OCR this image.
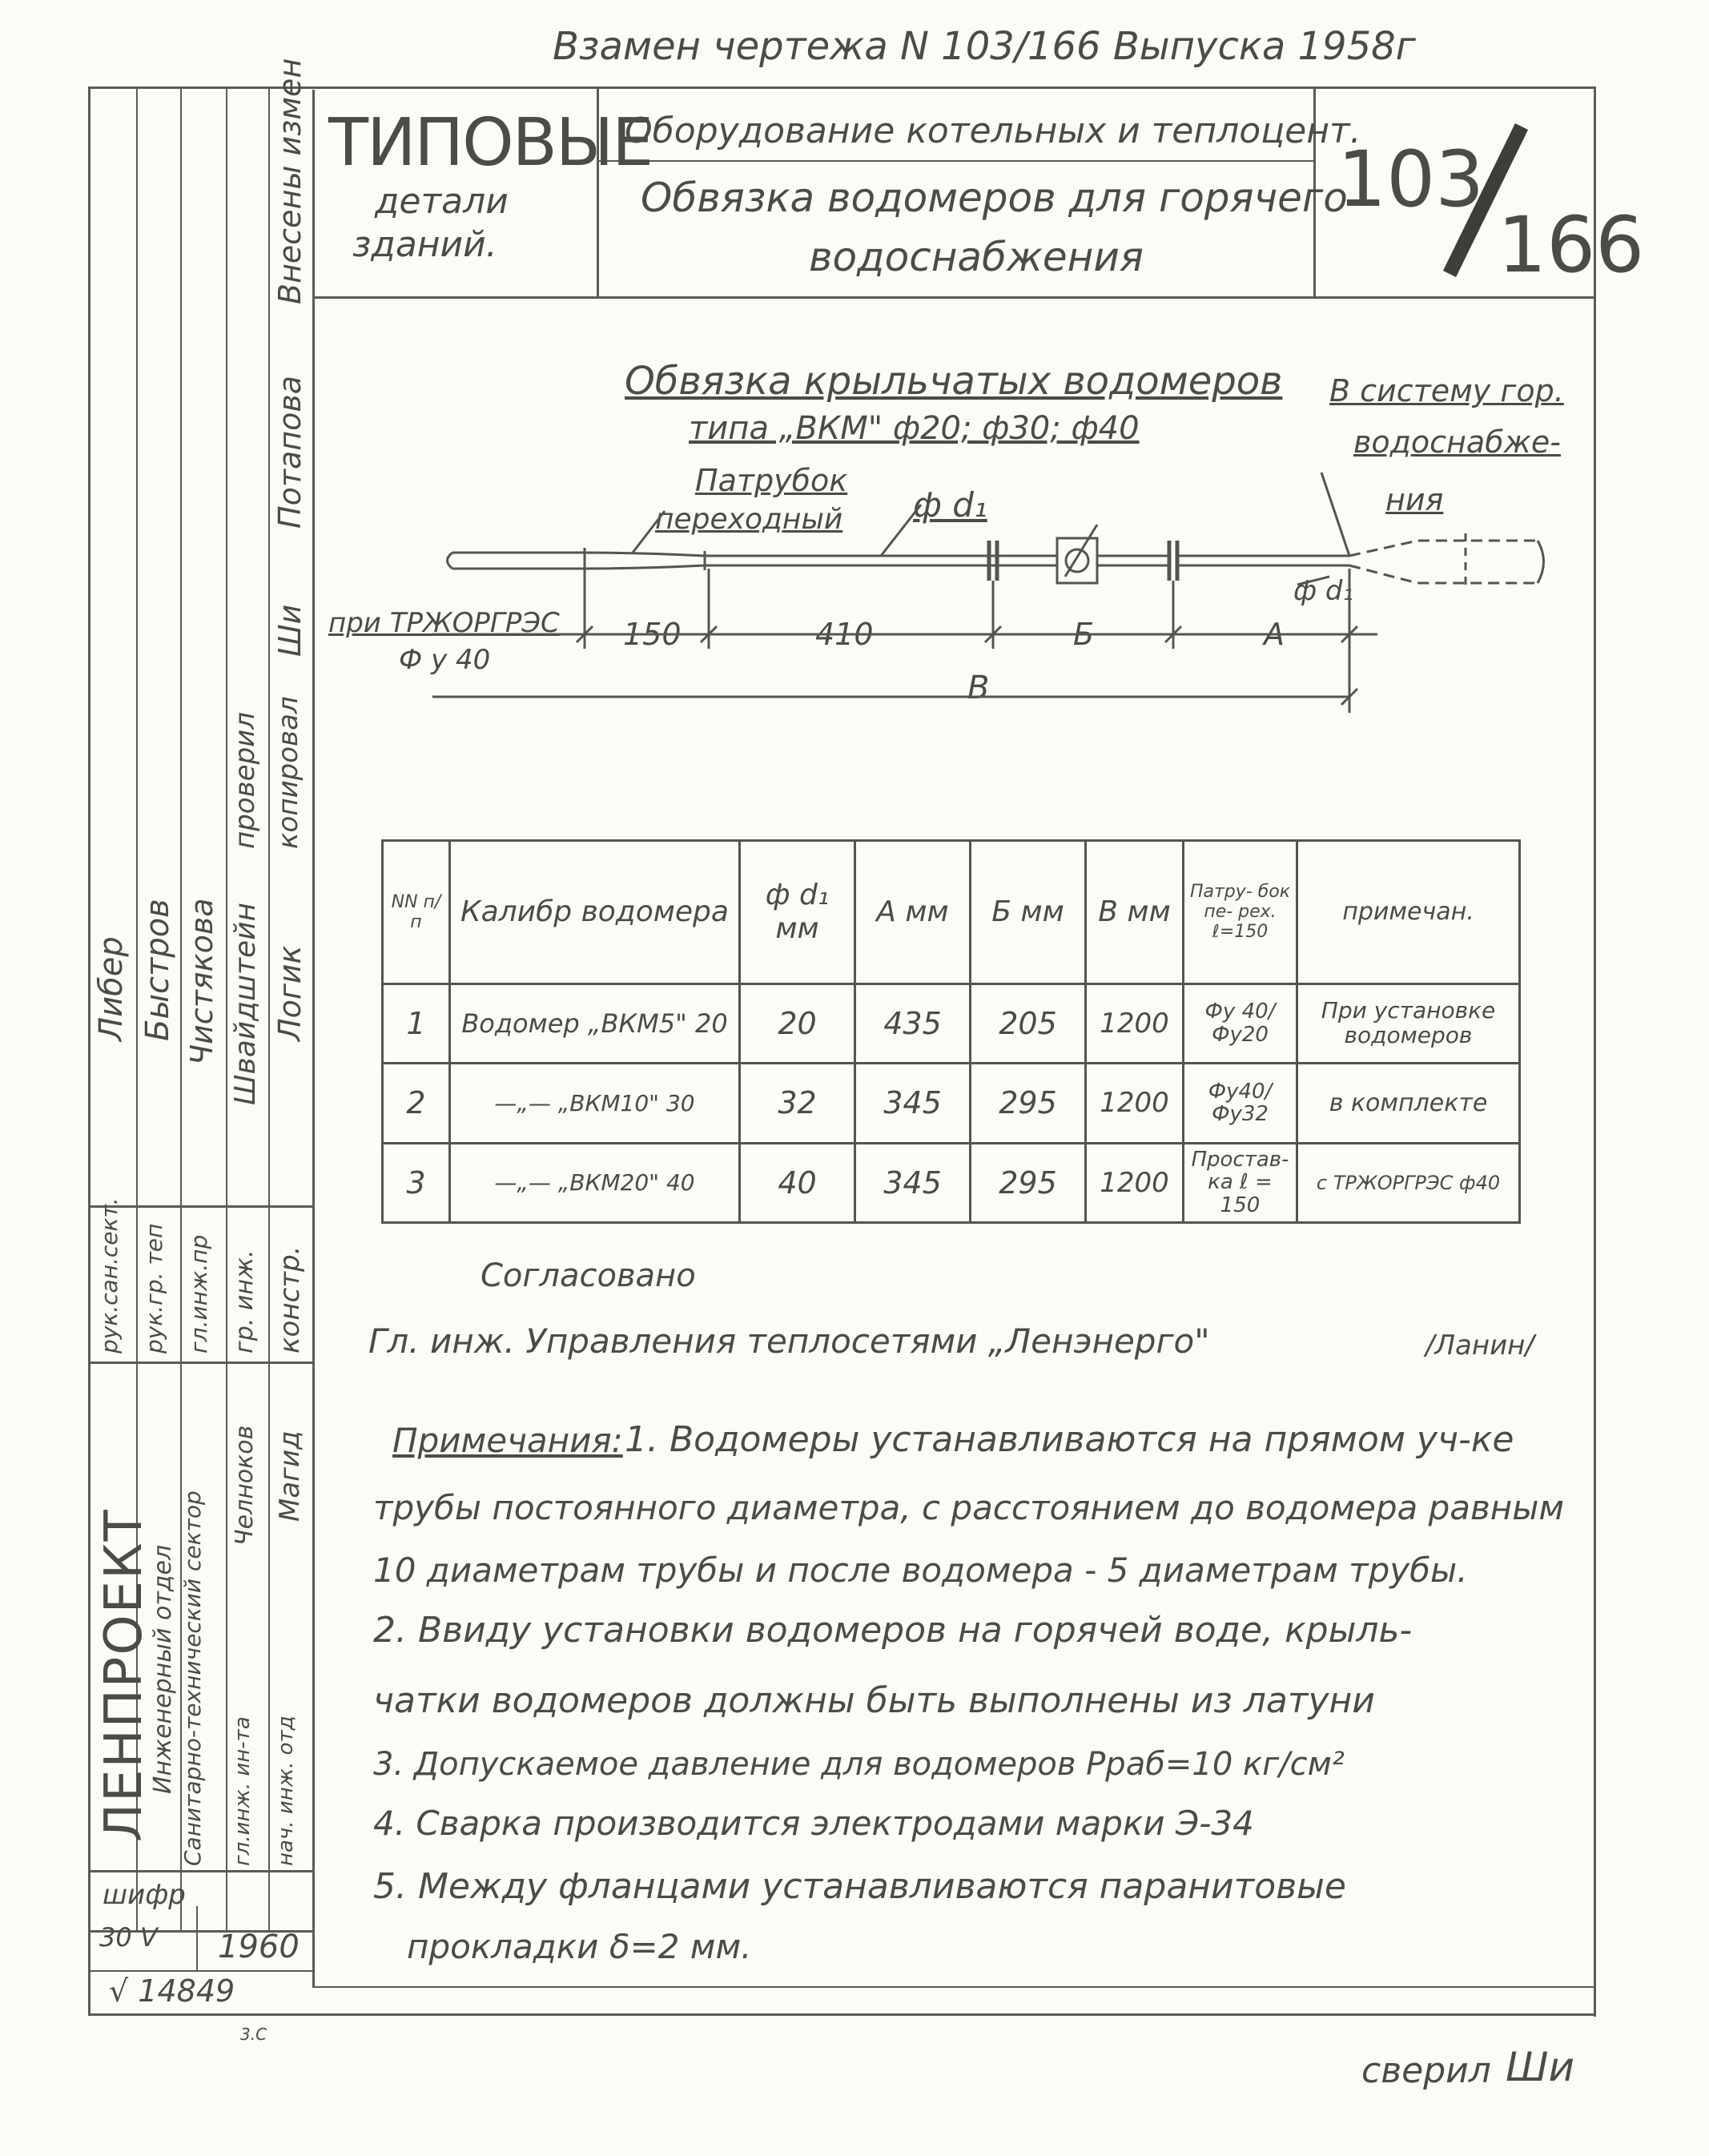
Взамен чертежа N 103/166 Выпуска 1958г
ТИПОВЫЕ
детали
зданий.
Оборудование котельных и теплоцент.
Обвязка водомеров для горячего
водоснабжения
103
166
Внесены измен
Потапова
Ши
проверил копировал
Либер Быстров Чистякова Швайдштейн Логик
рук.сан.сект. рук.гр. теп гл.инж.пр гр. инж. констр.
ЛЕНПРОЕКТ
Инженерный отдел Санитарно-технический сектор
Челноков Магид
гл.инж. ин-та нач. инж. отд
шифр
30 V 1960
√ 14849
3.С
Обвязка крыльчатых водомеров
типа „ВКМ" ф20; ф30; ф40
В систему гор.
водоснабже-
ния
Патрубок
переходный ф d₁
ф d₁
при ТРЖОРГРЭС
Ф у 40
150	410	Б	А
В
NN п/п	Калибр водомера	ф d₁ мм	А мм	Б мм	В мм	Патру- бок пе- рех. ℓ=150	примечан.
1	Водомер „ВКМ5" 20	20	435	205	1200	Фу 40/Фу20	При установке водомеров
2	—„— „ВКМ10" 30	32	345	295	1200	Фу40/Фу32	в комплекте
3	—„— „ВКМ20" 40	40	345	295	1200	Простав-ка ℓ = 150	с ТРЖОРГРЭС ф40
Согласовано
Гл. инж. Управления теплосетями „Ленэнерго"	/Ланин/
Примечания: 1. Водомеры устанавливаются на прямом уч-ке
трубы постоянного диаметра, с расстоянием до водомера равным
10 диаметрам трубы и после водомера - 5 диаметрам трубы.
2. Ввиду установки водомеров на горячей воде, крыль-
чатки водомеров должны быть выполнены из латуни
3. Допускаемое давление для водомеров Рраб=10 кг/см²
4. Сварка производится электродами марки Э-34
5. Между фланцами устанавливаются паранитовые
прокладки δ=2 мм.
сверил Ши
